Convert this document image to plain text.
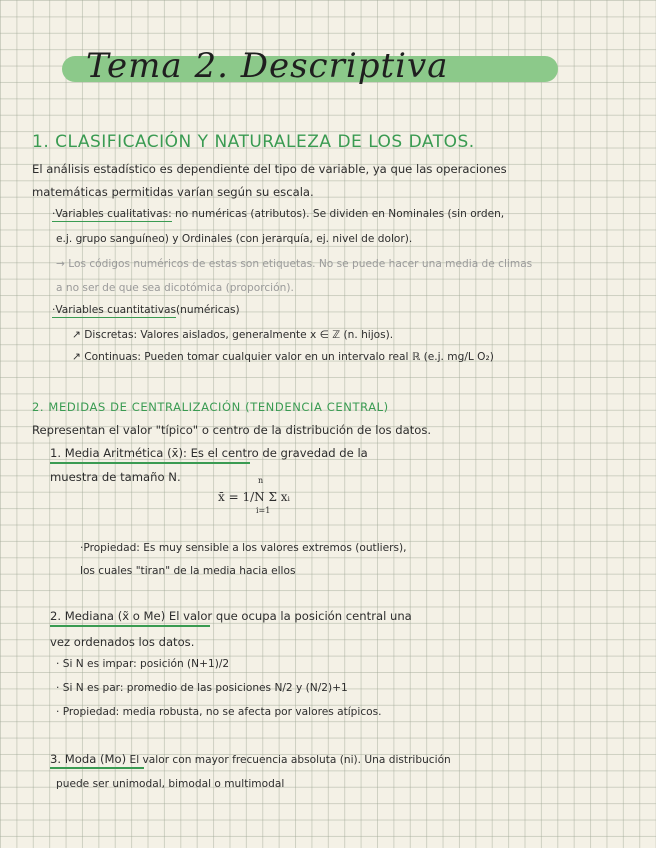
Tema 2. Descriptiva
1. CLASIFICACIÓN Y NATURALEZA DE LOS DATOS.
El análisis estadístico es dependiente del tipo de variable, ya que las operaciones
matemáticas permitidas varían según su escala.
·Variables cualitativas: no numéricas (atributos). Se dividen en Nominales (sin orden,
e.j. grupo sanguíneo) y Ordinales (con jerarquía, ej. nivel de dolor).
→ Los códigos numéricos de estas son etiquetas. No se puede hacer una media de climas
a no ser de que sea dicotómica (proporción).
·Variables cuantitativas(numéricas)
↗ Discretas: Valores aislados, generalmente x ∈ ℤ (n. hijos).
↗ Continuas: Pueden tomar cualquier valor en un intervalo real ℝ (e.j. mg/L O₂)
2. MEDIDAS DE CENTRALIZACIÓN (TENDENCIA CENTRAL)
Representan el valor "típico" o centro de la distribución de los datos.
1. Media Aritmética (x̄): Es el centro de gravedad de la
muestra de tamaño N.	n
x̄ = 1/N Σ xᵢ
i=1
·Propiedad: Es muy sensible a los valores extremos (outliers),
los cuales "tiran" de la media hacia ellos
2. Mediana (x̃ o Me) El valor que ocupa la posición central una
vez ordenados los datos.
· Si N es impar: posición (N+1)/2
· Si N es par: promedio de las posiciones N/2 y (N/2)+1
· Propiedad: media robusta, no se afecta por valores atípicos.
3. Moda (Mo) El valor con mayor frecuencia absoluta (ni). Una distribución
puede ser unimodal, bimodal o multimodal
